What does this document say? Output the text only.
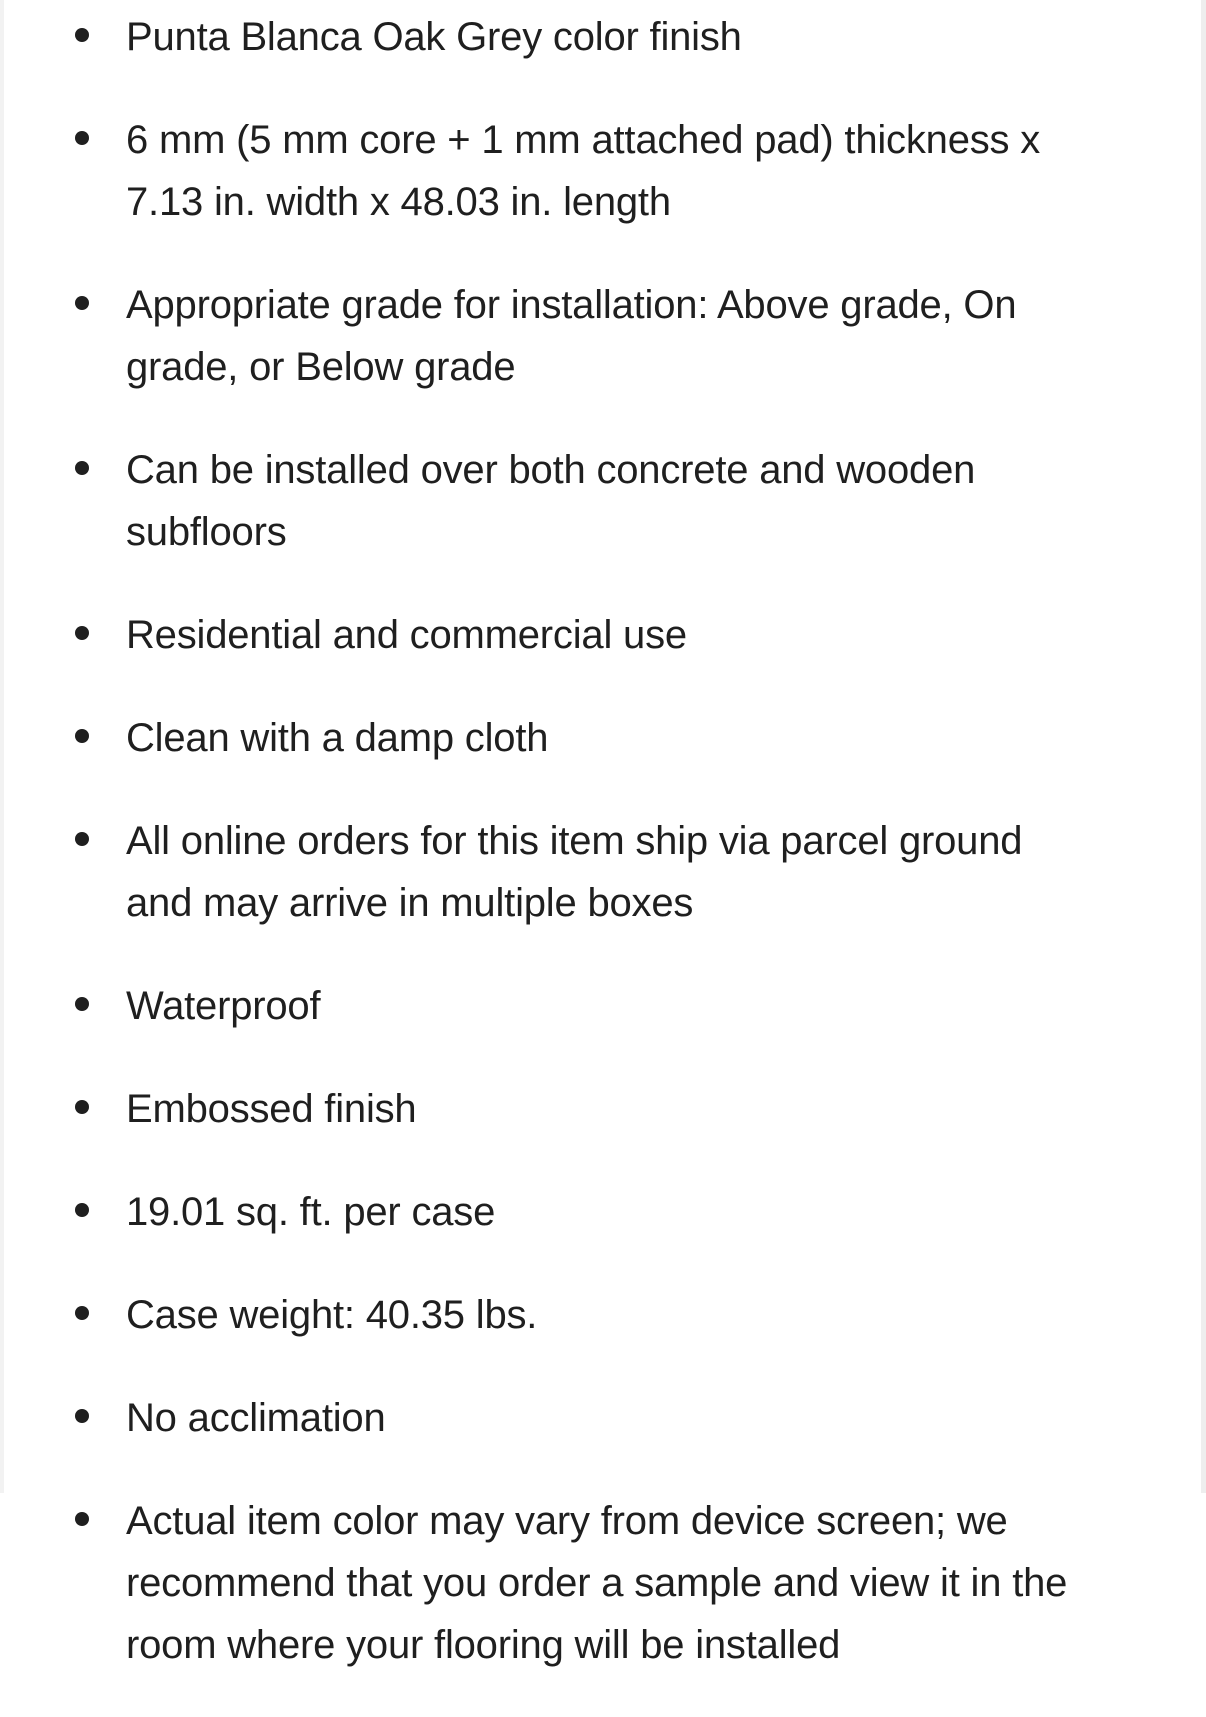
Punta Blanca Oak Grey color finish
6 mm (5 mm core + 1 mm attached pad) thickness x 7.13 in. width x 48.03 in. length
Appropriate grade for installation: Above grade, On grade, or Below grade
Can be installed over both concrete and wooden subfloors
Residential and commercial use
Clean with a damp cloth
All online orders for this item ship via parcel ground and may arrive in multiple boxes
Waterproof
Embossed finish
19.01 sq. ft. per case
Case weight: 40.35 lbs.
No acclimation
Actual item color may vary from device screen; we recommend that you order a sample and view it in the room where your flooring will be installed
